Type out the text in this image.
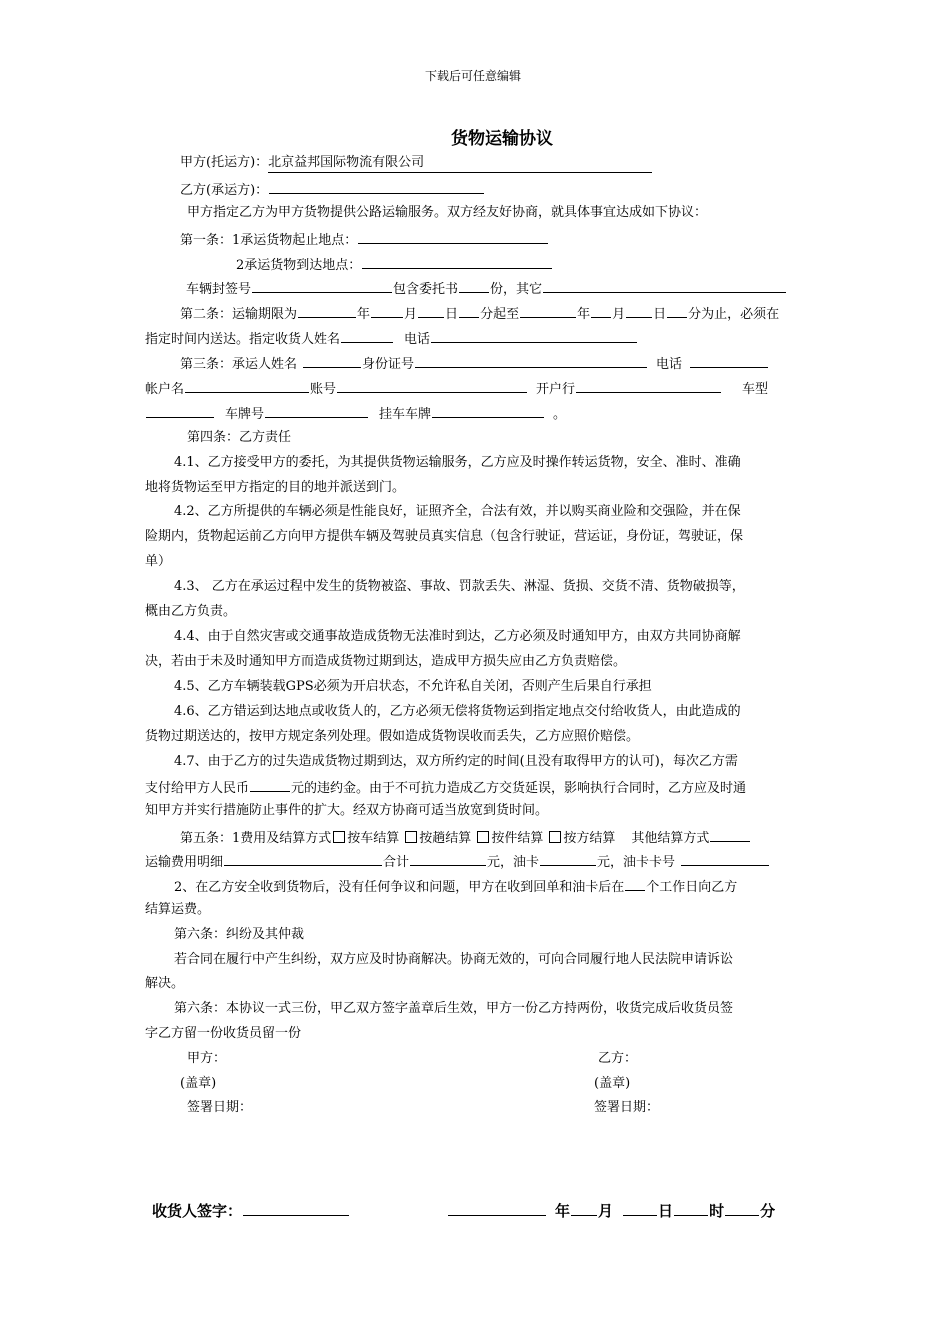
下载后可任意编辑
货物运输协议
甲方(托运方)：北京益邦国际物流有限公司
乙方(承运方)：
甲方指定乙方为甲方货物提供公路运输服务。双方经友好协商，就具体事宜达成如下协议：
第一条：1承运货物起止地点：
2承运货物到达地点：
车辆封签号	包含委托书 份，其它
第二条：运输期限为	年	月 日 分起至	年 月 日 分为止，必须在
指定时间内送达。指定收货人姓名	电话
第三条：承运人姓名	身份证号	电话
帐户名	账号	开户行	车型
车牌号	挂车车牌	。
第四条：乙方责任
4.1、乙方接受甲方的委托，为其提供货物运输服务，乙方应及时操作转运货物，安全、准时、准确
地将货物运至甲方指定的目的地并派送到门。
4.2、乙方所提供的车辆必须是性能良好，证照齐全，合法有效，并以购买商业险和交强险，并在保
险期内，货物起运前乙方向甲方提供车辆及驾驶员真实信息（包含行驶证，营运证，身份证，驾驶证，保
单）
4.3、 乙方在承运过程中发生的货物被盗、事故、罚款丢失、淋湿、货损、交货不清、货物破损等，
概由乙方负责。
4.4、由于自然灾害或交通事故造成货物无法准时到达，乙方必须及时通知甲方，由双方共同协商解
决，若由于未及时通知甲方而造成货物过期到达，造成甲方损失应由乙方负责赔偿。
4.5、乙方车辆装载GPS必须为开启状态，不允许私自关闭，否则产生后果自行承担
4.6、乙方错运到达地点或收货人的，乙方必须无偿将货物运到指定地点交付给收货人，由此造成的
货物过期送达的，按甲方规定条列处理。假如造成货物误收而丢失，乙方应照价赔偿。
4.7、由于乙方的过失造成货物过期到达，双方所约定的时间(且没有取得甲方的认可)，每次乙方需
支付给甲方人民币	元的违约金。由于不可抗力造成乙方交货延误，影响执行合同时，乙方应及时通
知甲方并实行措施防止事件的扩大。经双方协商可适当放宽到货时间。
第五条：1费用及结算方式 按车结算 按趟结算 按件结算 按方结算 其他结算方式
运输费用明细	合计	元，油卡	元，油卡卡号
2、在乙方安全收到货物后，没有任何争议和问题，甲方在收到回单和油卡后在 个工作日向乙方
结算运费。
第六条：纠纷及其仲裁
若合同在履行中产生纠纷，双方应及时协商解决。协商无效的，可向合同履行地人民法院申请诉讼
解决。
第六条：本协议一式三份，甲乙双方签字盖章后生效，甲方一份乙方持两份，收货完成后收货员签
字乙方留一份收货员留一份
甲方：	乙方：
(盖章)	(盖章)
签署日期：	签署日期：
收货人签字：	年 月	日 时 分
